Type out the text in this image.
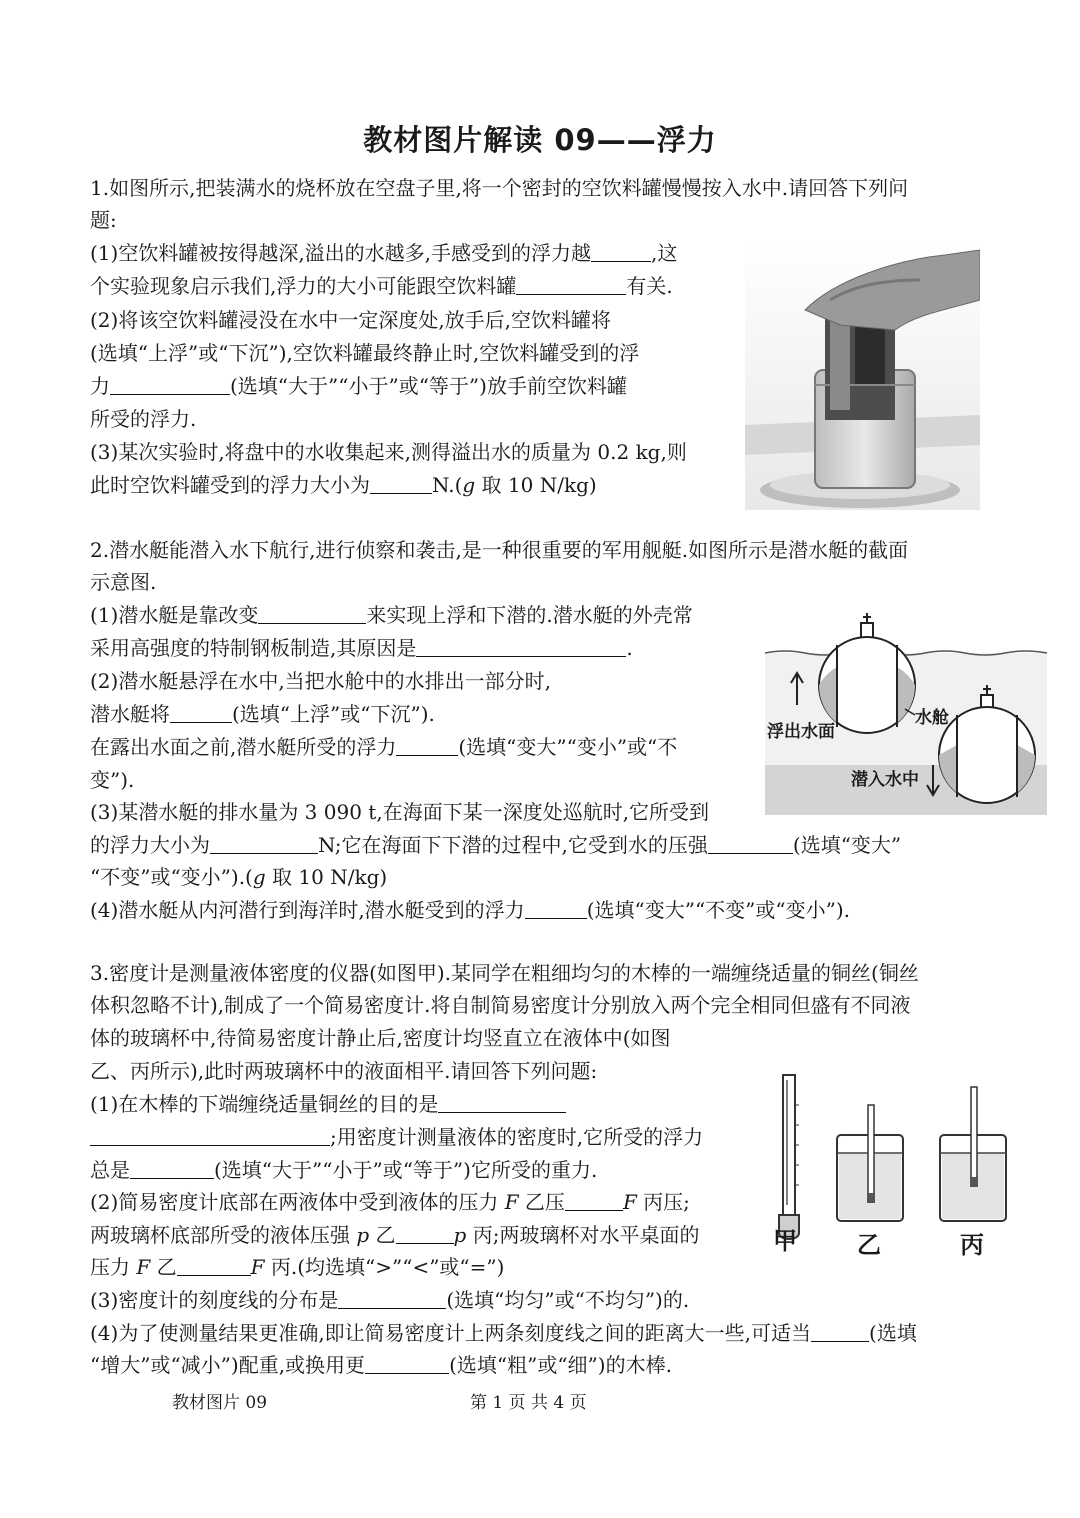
教材图片解读 09——浮力
1.如图所示,把装满水的烧杯放在空盘子里,将一个密封的空饮料罐慢慢按入水中.请回答下列问
题:
(1)空饮料罐被按得越深,溢出的水越多,手感受到的浮力越	,这
个实验现象启示我们,浮力的大小可能跟空饮料罐	有关.
(2)将该空饮料罐浸没在水中一定深度处,放手后,空饮料罐将
(选填“上浮”或“下沉”),空饮料罐最终静止时,空饮料罐受到的浮
力	(选填“大于”“小于”或“等于”)放手前空饮料罐
所受的浮力.
(3)某次实验时,将盘中的水收集起来,测得溢出水的质量为 0.2 kg,则
此时空饮料罐受到的浮力大小为	N.(g 取 10 N/kg)
2.潜水艇能潜入水下航行,进行侦察和袭击,是一种很重要的军用舰艇.如图所示是潜水艇的截面
示意图.
(1)潜水艇是靠改变	来实现上浮和下潜的.潜水艇的外壳常
采用高强度的特制钢板制造,其原因是	.
(2)潜水艇悬浮在水中,当把水舱中的水排出一部分时,
潜水艇将	(选填“上浮”或“下沉”).
在露出水面之前,潜水艇所受的浮力	(选填“变大”“变小”或“不
变”).
(3)某潜水艇的排水量为 3 090 t,在海面下某一深度处巡航时,它所受到
的浮力大小为	N;它在海面下下潜的过程中,它受到水的压强	(选填“变大”
“不变”或“变小”).(g 取 10 N/kg)
(4)潜水艇从内河潜行到海洋时,潜水艇受到的浮力	(选填“变大”“不变”或“变小”).
浮出水面
水舱
潜入水中
3.密度计是测量液体密度的仪器(如图甲).某同学在粗细均匀的木棒的一端缠绕适量的铜丝(铜丝
体积忽略不计),制成了一个简易密度计.将自制简易密度计分别放入两个完全相同但盛有不同液
体的玻璃杯中,待简易密度计静止后,密度计均竖直立在液体中(如图
乙、丙所示),此时两玻璃杯中的液面相平.请回答下列问题:
(1)在木棒的下端缠绕适量铜丝的目的是
;用密度计测量液体的密度时,它所受的浮力
总是	(选填“大于”“小于”或“等于”)它所受的重力.
(2)简易密度计底部在两液体中受到液体的压力 F 乙压	F 丙压;
两玻璃杯底部所受的液体压强 p 乙	p 丙;两玻璃杯对水平桌面的
压力 F 乙	F 丙.(均选填“>”“<”或“=”)
(3)密度计的刻度线的分布是	(选填“均匀”或“不均匀”)的.
(4)为了使测量结果更准确,即让简易密度计上两条刻度线之间的距离大一些,可适当	(选填
“增大”或“减小”)配重,或换用更	(选填“粗”或“细”)的木棒.
甲	乙	丙
教材图片 09	第 1 页 共 4 页
